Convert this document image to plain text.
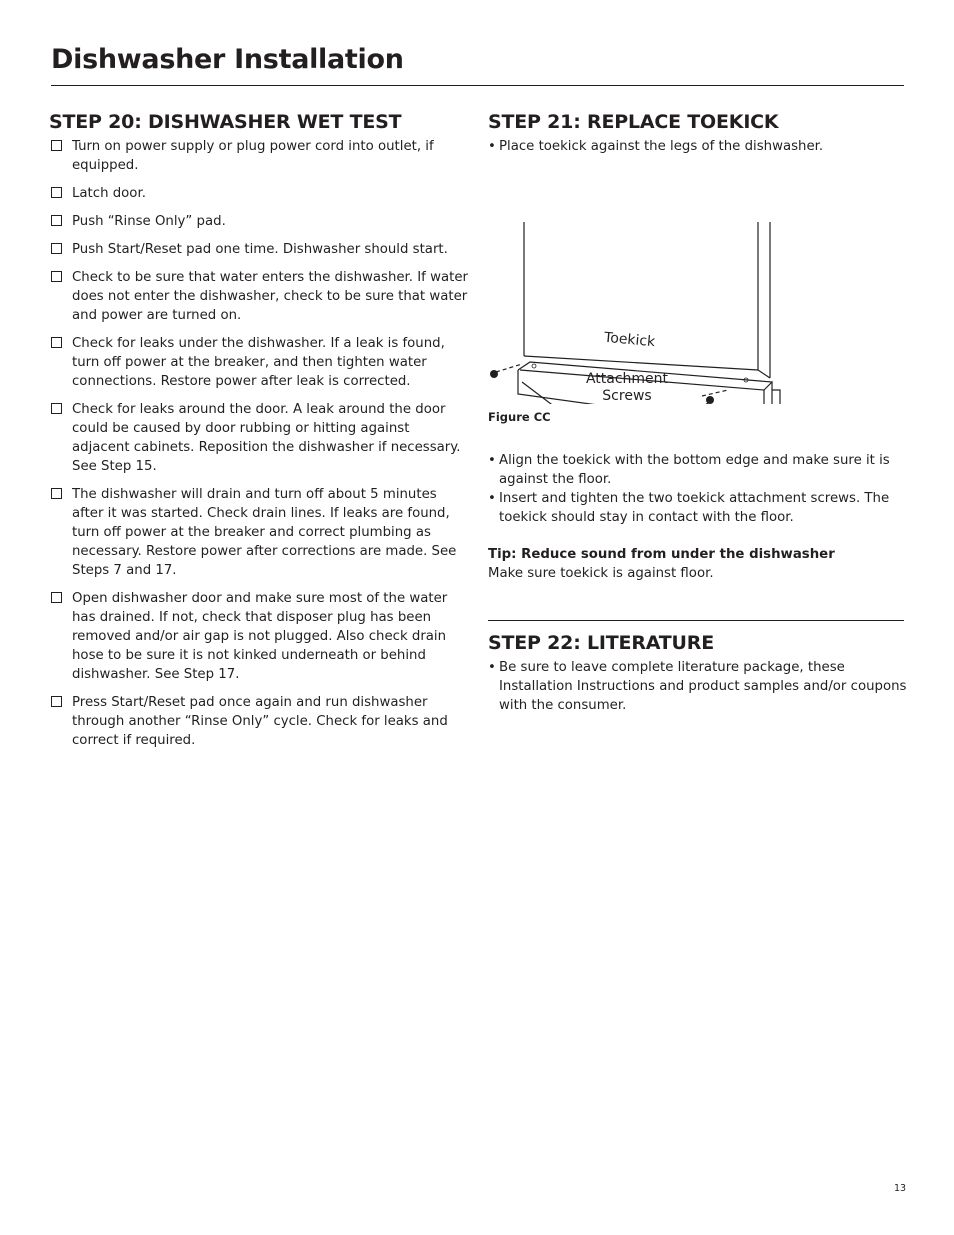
Dishwasher Installation
STEP 20: DISHWASHER WET TEST
Turn on power supply or plug power cord into outlet, if equipped.
Latch door.
Push “Rinse Only” pad.
Push Start/Reset pad one time. Dishwasher should start.
Check to be sure that water enters the dishwasher. If water does not enter the dishwasher, check to be sure that water and power are turned on.
Check for leaks under the dishwasher. If a leak is found, turn off power at the breaker, and then tighten water connections. Restore power after leak is corrected.
Check for leaks around the door. A leak around the door could be caused by door rubbing or hitting against adjacent cabinets. Reposition the dishwasher if necessary. See Step 15.
The dishwasher will drain and turn off about 5 minutes after it was started. Check drain lines. If leaks are found, turn off power at the breaker and correct plumbing as necessary. Restore power after corrections are made. See Steps 7 and 17.
Open dishwasher door and make sure most of the water has drained. If not, check that disposer plug has been removed and/or air gap is not plugged. Also check drain hose to be sure it is not kinked underneath or behind dishwasher. See Step 17.
Press Start/Reset pad once again and run dishwasher through another “Rinse Only” cycle. Check for leaks and correct if required.
STEP 21: REPLACE TOEKICK
• Place toekick against the legs of the dishwasher.
Toekick
Attachment
Screws
Figure CC
• Align the toekick with the bottom edge and make sure it is against the floor.
• Insert and tighten the two toekick attachment screws. The toekick should stay in contact with the floor.
Tip: Reduce sound from under the dishwasher
Make sure toekick is against floor.
STEP 22: LITERATURE
• Be sure to leave complete literature package, these Installation Instructions and product samples and/or coupons with the consumer.
13
